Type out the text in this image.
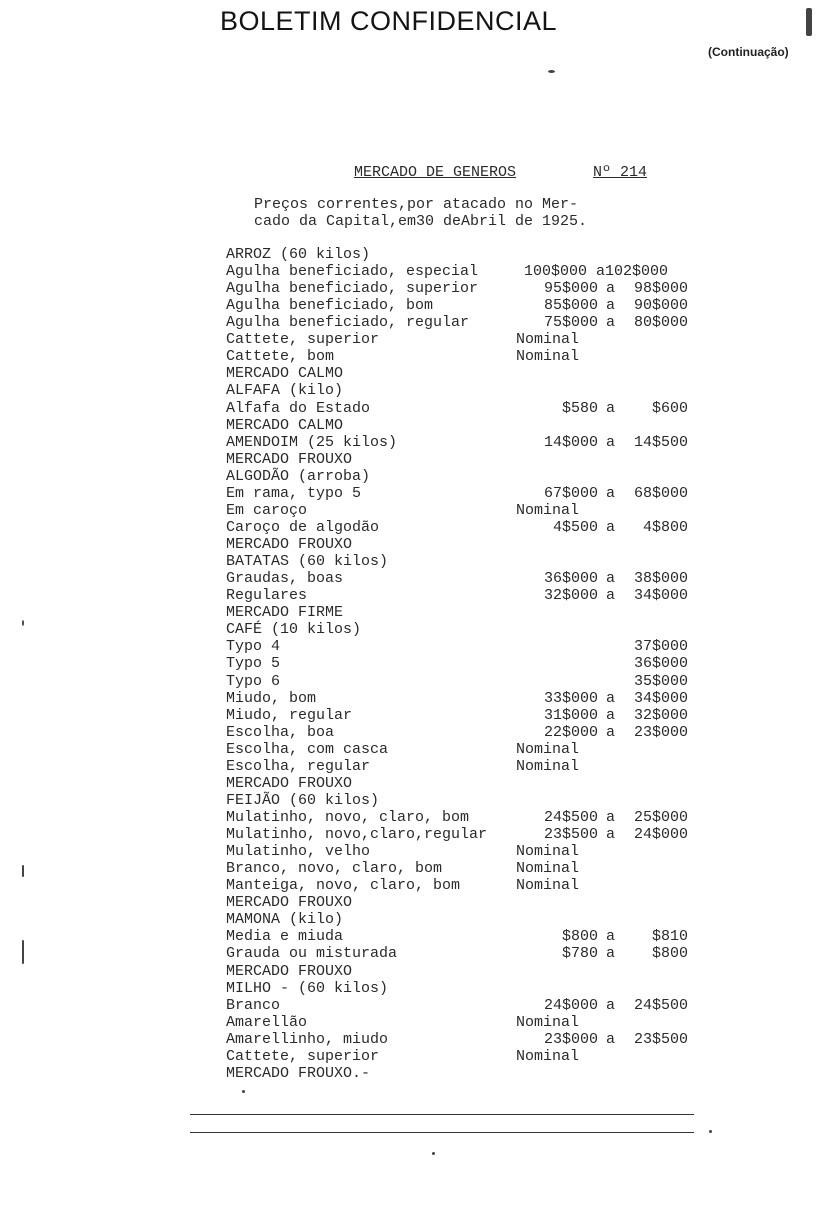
BOLETIM CONFIDENCIAL
(Continuação)
MERCADO DE GENEROS	Nº 214
Preços correntes,por atacado no Mer-
cado da Capital,em30 deAbril de 1925.
ARROZ (60 kilos)
Agulha beneficiado, especial	100$000 a102$000
Agulha beneficiado, superior	95$000 a 98$000
Agulha beneficiado, bom	85$000 a 90$000
Agulha beneficiado, regular	75$000 a 80$000
Cattete, superior	Nominal
Cattete, bom	Nominal
MERCADO CALMO
ALFAFA (kilo)
Alfafa do Estado	$580 a $600
MERCADO CALMO
AMENDOIM (25 kilos)	14$000 a 14$500
MERCADO FROUXO
ALGODÃO (arroba)
Em rama, typo 5	67$000 a 68$000
Em caroço	Nominal
Caroço de algodão	4$500 a 4$800
MERCADO FROUXO
BATATAS (60 kilos)
Graudas, boas	36$000 a 38$000
Regulares	32$000 a 34$000
MERCADO FIRME
CAFÉ (10 kilos)
Typo 4	37$000
Typo 5	36$000
Typo 6	35$000
Miudo, bom	33$000 a 34$000
Miudo, regular	31$000 a 32$000
Escolha, boa	22$000 a 23$000
Escolha, com casca	Nominal
Escolha, regular	Nominal
MERCADO FROUXO
FEIJÃO (60 kilos)
Mulatinho, novo, claro, bom	24$500 a 25$000
Mulatinho, novo,claro,regular	23$500 a 24$000
Mulatinho, velho	Nominal
Branco, novo, claro, bom	Nominal
Manteiga, novo, claro, bom	Nominal
MERCADO FROUXO
MAMONA (kilo)
Media e miuda	$800 a $810
Grauda ou misturada	$780 a $800
MERCADO FROUXO
MILHO - (60 kilos)
Branco	24$000 a 24$500
Amarellão	Nominal
Amarellinho, miudo	23$000 a 23$500
Cattete, superior	Nominal
MERCADO FROUXO.-
